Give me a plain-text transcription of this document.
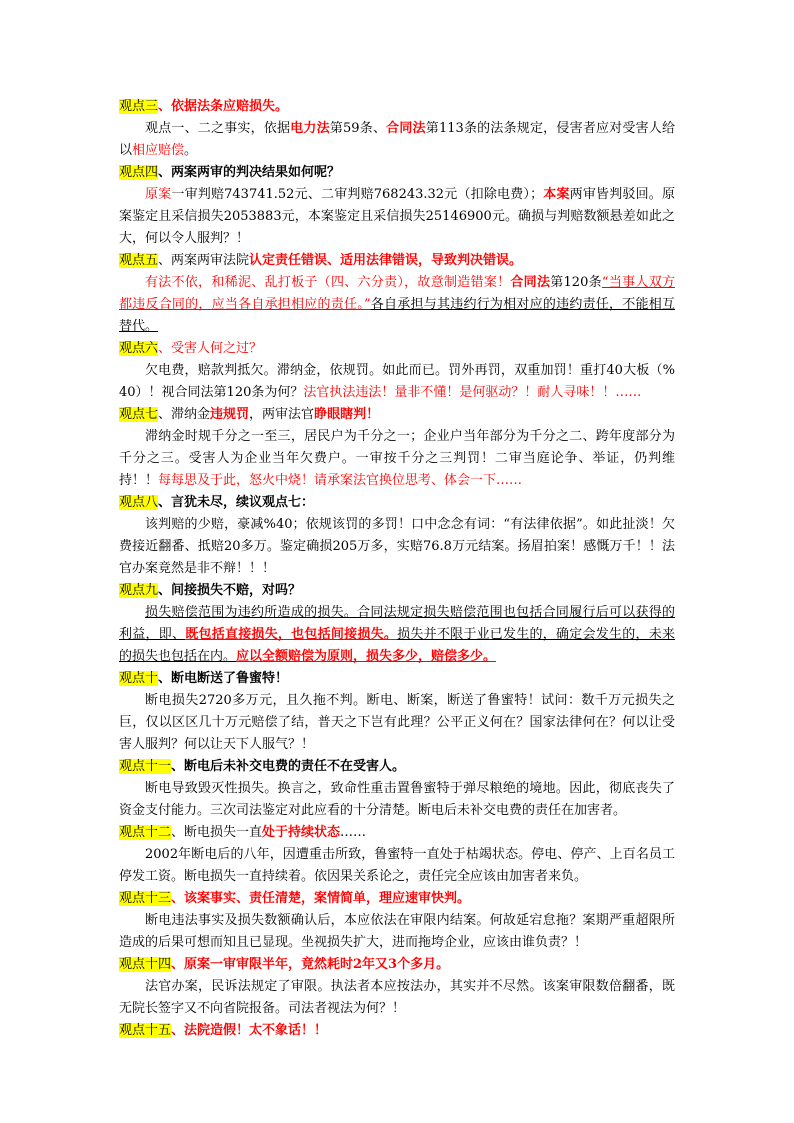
观点三、依据法条应赔损失。
观点一、二之事实，依据电力法第59条、合同法第113条的法条规定，侵害者应对受害人给以相应赔偿。
观点四、两案两审的判决结果如何呢？
原案一审判赔743741.52元、二审判赔768243.32元（扣除电费）；本案两审皆判驳回。原案鉴定且采信损失2053883元，本案鉴定且采信损失25146900元。确损与判赔数额悬差如此之大，何以令人服判？！
观点五、两案两审法院认定责任错误、适用法律错误，导致判决错误。
有法不依，和稀泥、乱打板子（四、六分责），故意制造错案！合同法第120条“当事人双方都违反合同的，应当各自承担相应的责任。”各自承担与其违约行为相对应的违约责任，不能相互替代。
观点六、受害人何之过？
欠电费，赔款判抵欠。滞纳金，依规罚。如此而已。罚外再罚，双重加罚！重打40大板（%40）！视合同法第120条为何？法官执法违法！量非不懂！是何驱动？！耐人寻味！！……
观点七、滞纳金违规罚，两审法官睁眼瞎判！
滞纳金时规千分之一至三，居民户为千分之一；企业户当年部分为千分之二、跨年度部分为千分之三。受害人为企业当年欠费户。一审按千分之三判罚！二审当庭论争、举证，仍判维持！！每每思及于此，怒火中烧！请承案法官换位思考、体会一下……
观点八、言犹未尽，续议观点七：
该判赔的少赔，豪减%40；依规该罚的多罚！口中念念有词：“有法律依据”。如此扯淡！欠费接近翻番、抵赔20多万。鉴定确损205万多，实赔76.8万元结案。扬眉拍案！感慨万千！！法官办案竟然是非不辩！！！
观点九、间接损失不赔，对吗？
损失赔偿范围为违约所造成的损失。合同法规定损失赔偿范围也包括合同履行后可以获得的利益，即、既包括直接损失，也包括间接损失。损失并不限于业已发生的，确定会发生的，未来的损失也包括在内。应以全额赔偿为原则，损失多少，赔偿多少。
观点十、断电断送了鲁蜜特！
断电损失2720多万元，且久拖不判。断电、断案，断送了鲁蜜特！试问：数千万元损失之巨，仅以区区几十万元赔偿了结，普天之下岂有此理？公平正义何在？国家法律何在？何以让受害人服判？何以让天下人服气？！
观点十一、断电后未补交电费的责任不在受害人。
断电导致毁灭性损失。换言之，致命性重击置鲁蜜特于弹尽粮绝的境地。因此，彻底丧失了资金支付能力。三次司法鉴定对此应看的十分清楚。断电后未补交电费的责任在加害者。
观点十二、断电损失一直处于持续状态……
2002年断电后的八年，因遭重击所致，鲁蜜特一直处于枯竭状态。停电、停产、上百名员工停发工资。断电损失一直持续着。依因果关系论之，责任完全应该由加害者来负。
观点十三、该案事实、责任清楚，案情简单，理应速审快判。
断电违法事实及损失数额确认后，本应依法在审限内结案。何故延宕怠拖？案期严重超限所造成的后果可想而知且已显现。坐视损失扩大，进而拖垮企业，应该由谁负责？！
观点十四、原案一审审限半年，竟然耗时2年又3个多月。
法官办案，民诉法规定了审限。执法者本应按法办，其实并不尽然。该案审限数倍翻番，既无院长签字又不向省院报备。司法者视法为何？！
观点十五、法院造假！太不象话！！
